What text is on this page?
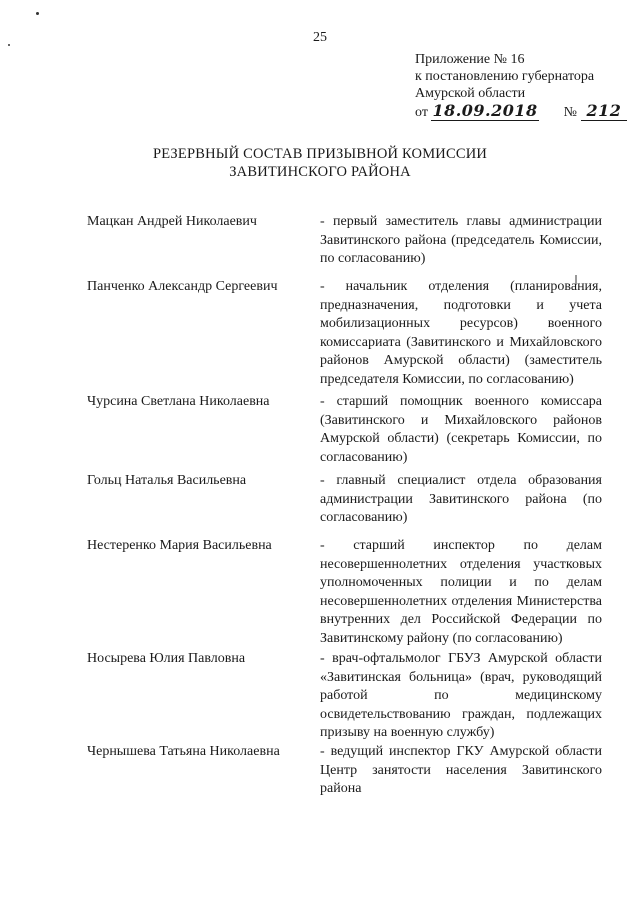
25
Приложение № 16
к постановлению губернатора
Амурской области
от 18.09.2018 № 212
РЕЗЕРВНЫЙ СОСТАВ ПРИЗЫВНОЙ КОМИССИИ
ЗАВИТИНСКОГО РАЙОНА
Мацкан Андрей Николаевич	- первый заместитель главы администрации Завитинского района (председатель Комиссии, по согласованию)
Панченко Александр Сергеевич	- начальник отделения (планирования, предназначения, подготовки и учета мобилизационных ресурсов) военного комиссариата (Завитинского и Михайловского районов Амурской области) (заместитель председателя Комиссии, по согласованию)
Чурсина Светлана Николаевна	- старший помощник военного комиссара (Завитинского и Михайловского районов Амурской области) (секретарь Комиссии, по согласованию)
Гольц Наталья Васильевна	- главный специалист отдела образования администрации Завитинского района (по согласованию)
Нестеренко Мария Васильевна	- старший инспектор по делам несовершеннолетних отделения участковых уполномоченных полиции и по делам несовершеннолетних отделения Министерства внутренних дел Российской Федерации по Завитинскому району (по согласованию)
Носырева Юлия Павловна	- врач-офтальмолог ГБУЗ Амурской области «Завитинская больница» (врач, руководящий работой по медицинскому освидетельствованию граждан, подлежащих призыву на военную службу)
Чернышева Татьяна Николаевна	- ведущий инспектор ГКУ Амурской области Центр занятости населения Завитинского района
